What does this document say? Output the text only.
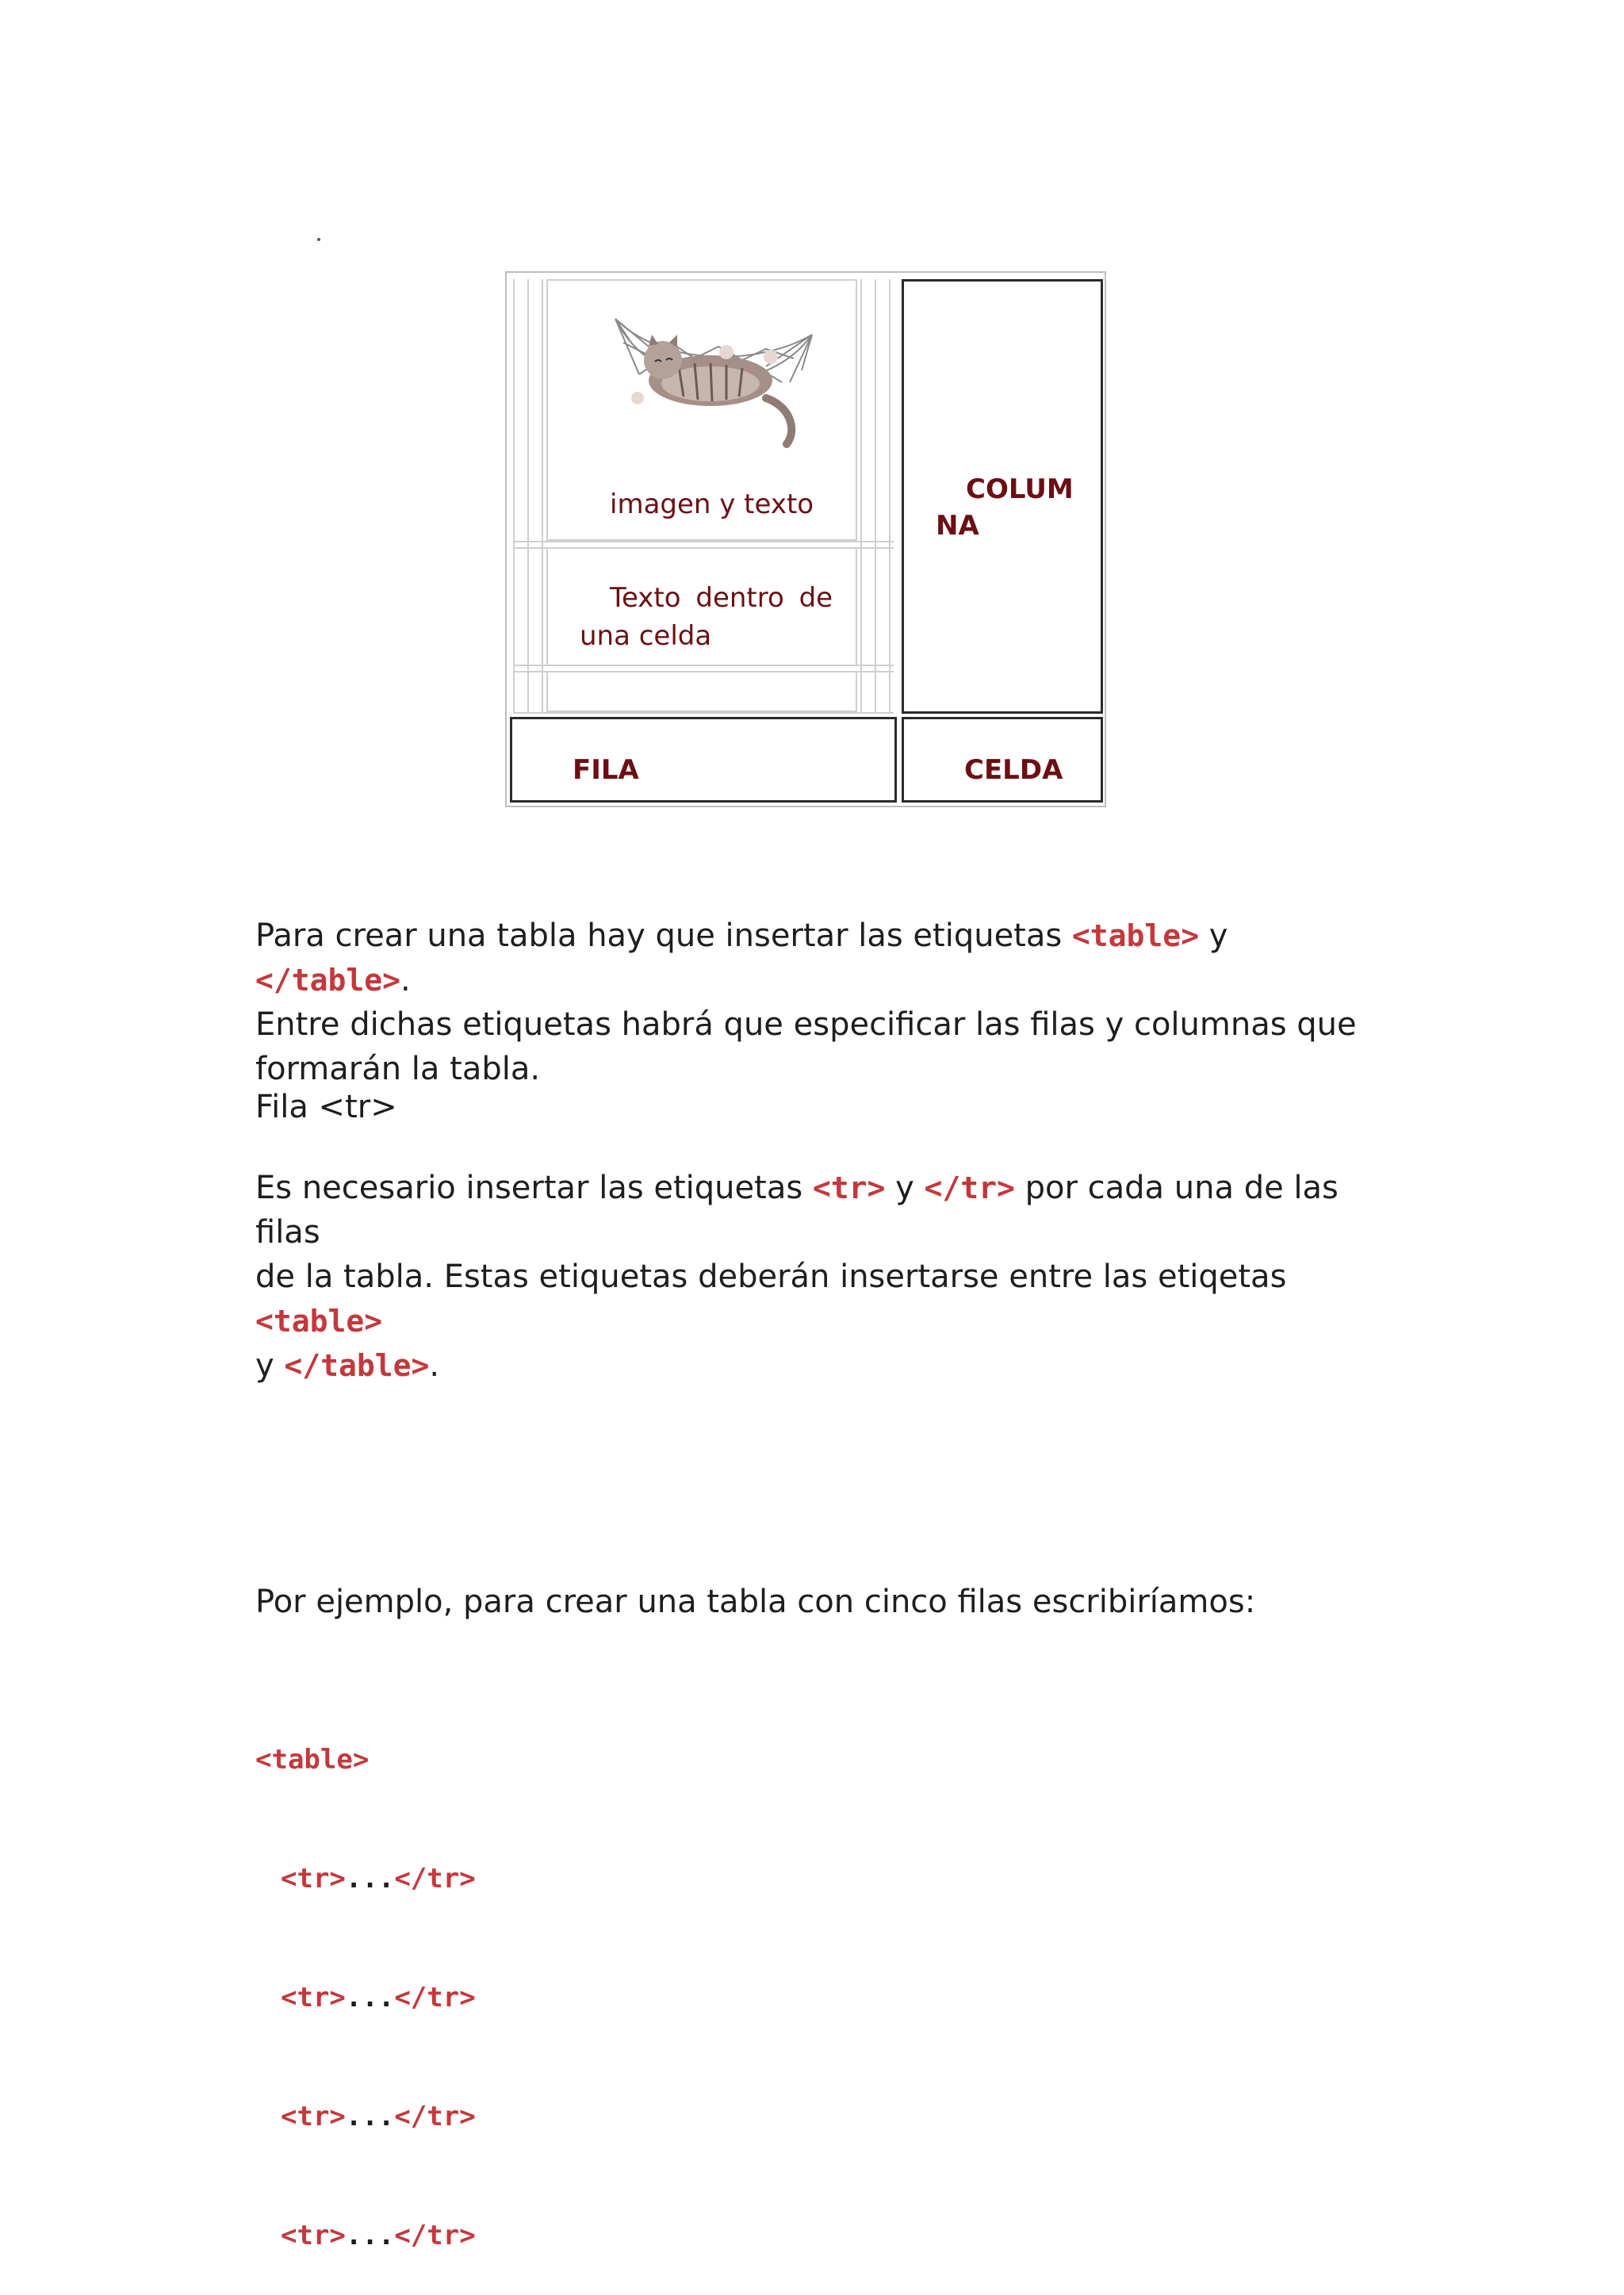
imagen y texto
Texto dentro de
una celda
COLUM
NA
FILA	CELDA
Para crear una tabla hay que insertar las etiquetas <table> y </table>.
Entre dichas etiquetas habrá que especificar las filas y columnas que
formarán la tabla.
Fila <tr>
Es necesario insertar las etiquetas <tr> y </tr> por cada una de las filas
de la tabla. Estas etiquetas deberán insertarse entre las etiqetas <table>
y </table>.
Por ejemplo, para crear una tabla con cinco filas escribiríamos:

<table>

<tr>...</tr>

<tr>...</tr>

<tr>...</tr>

<tr>...</tr>
